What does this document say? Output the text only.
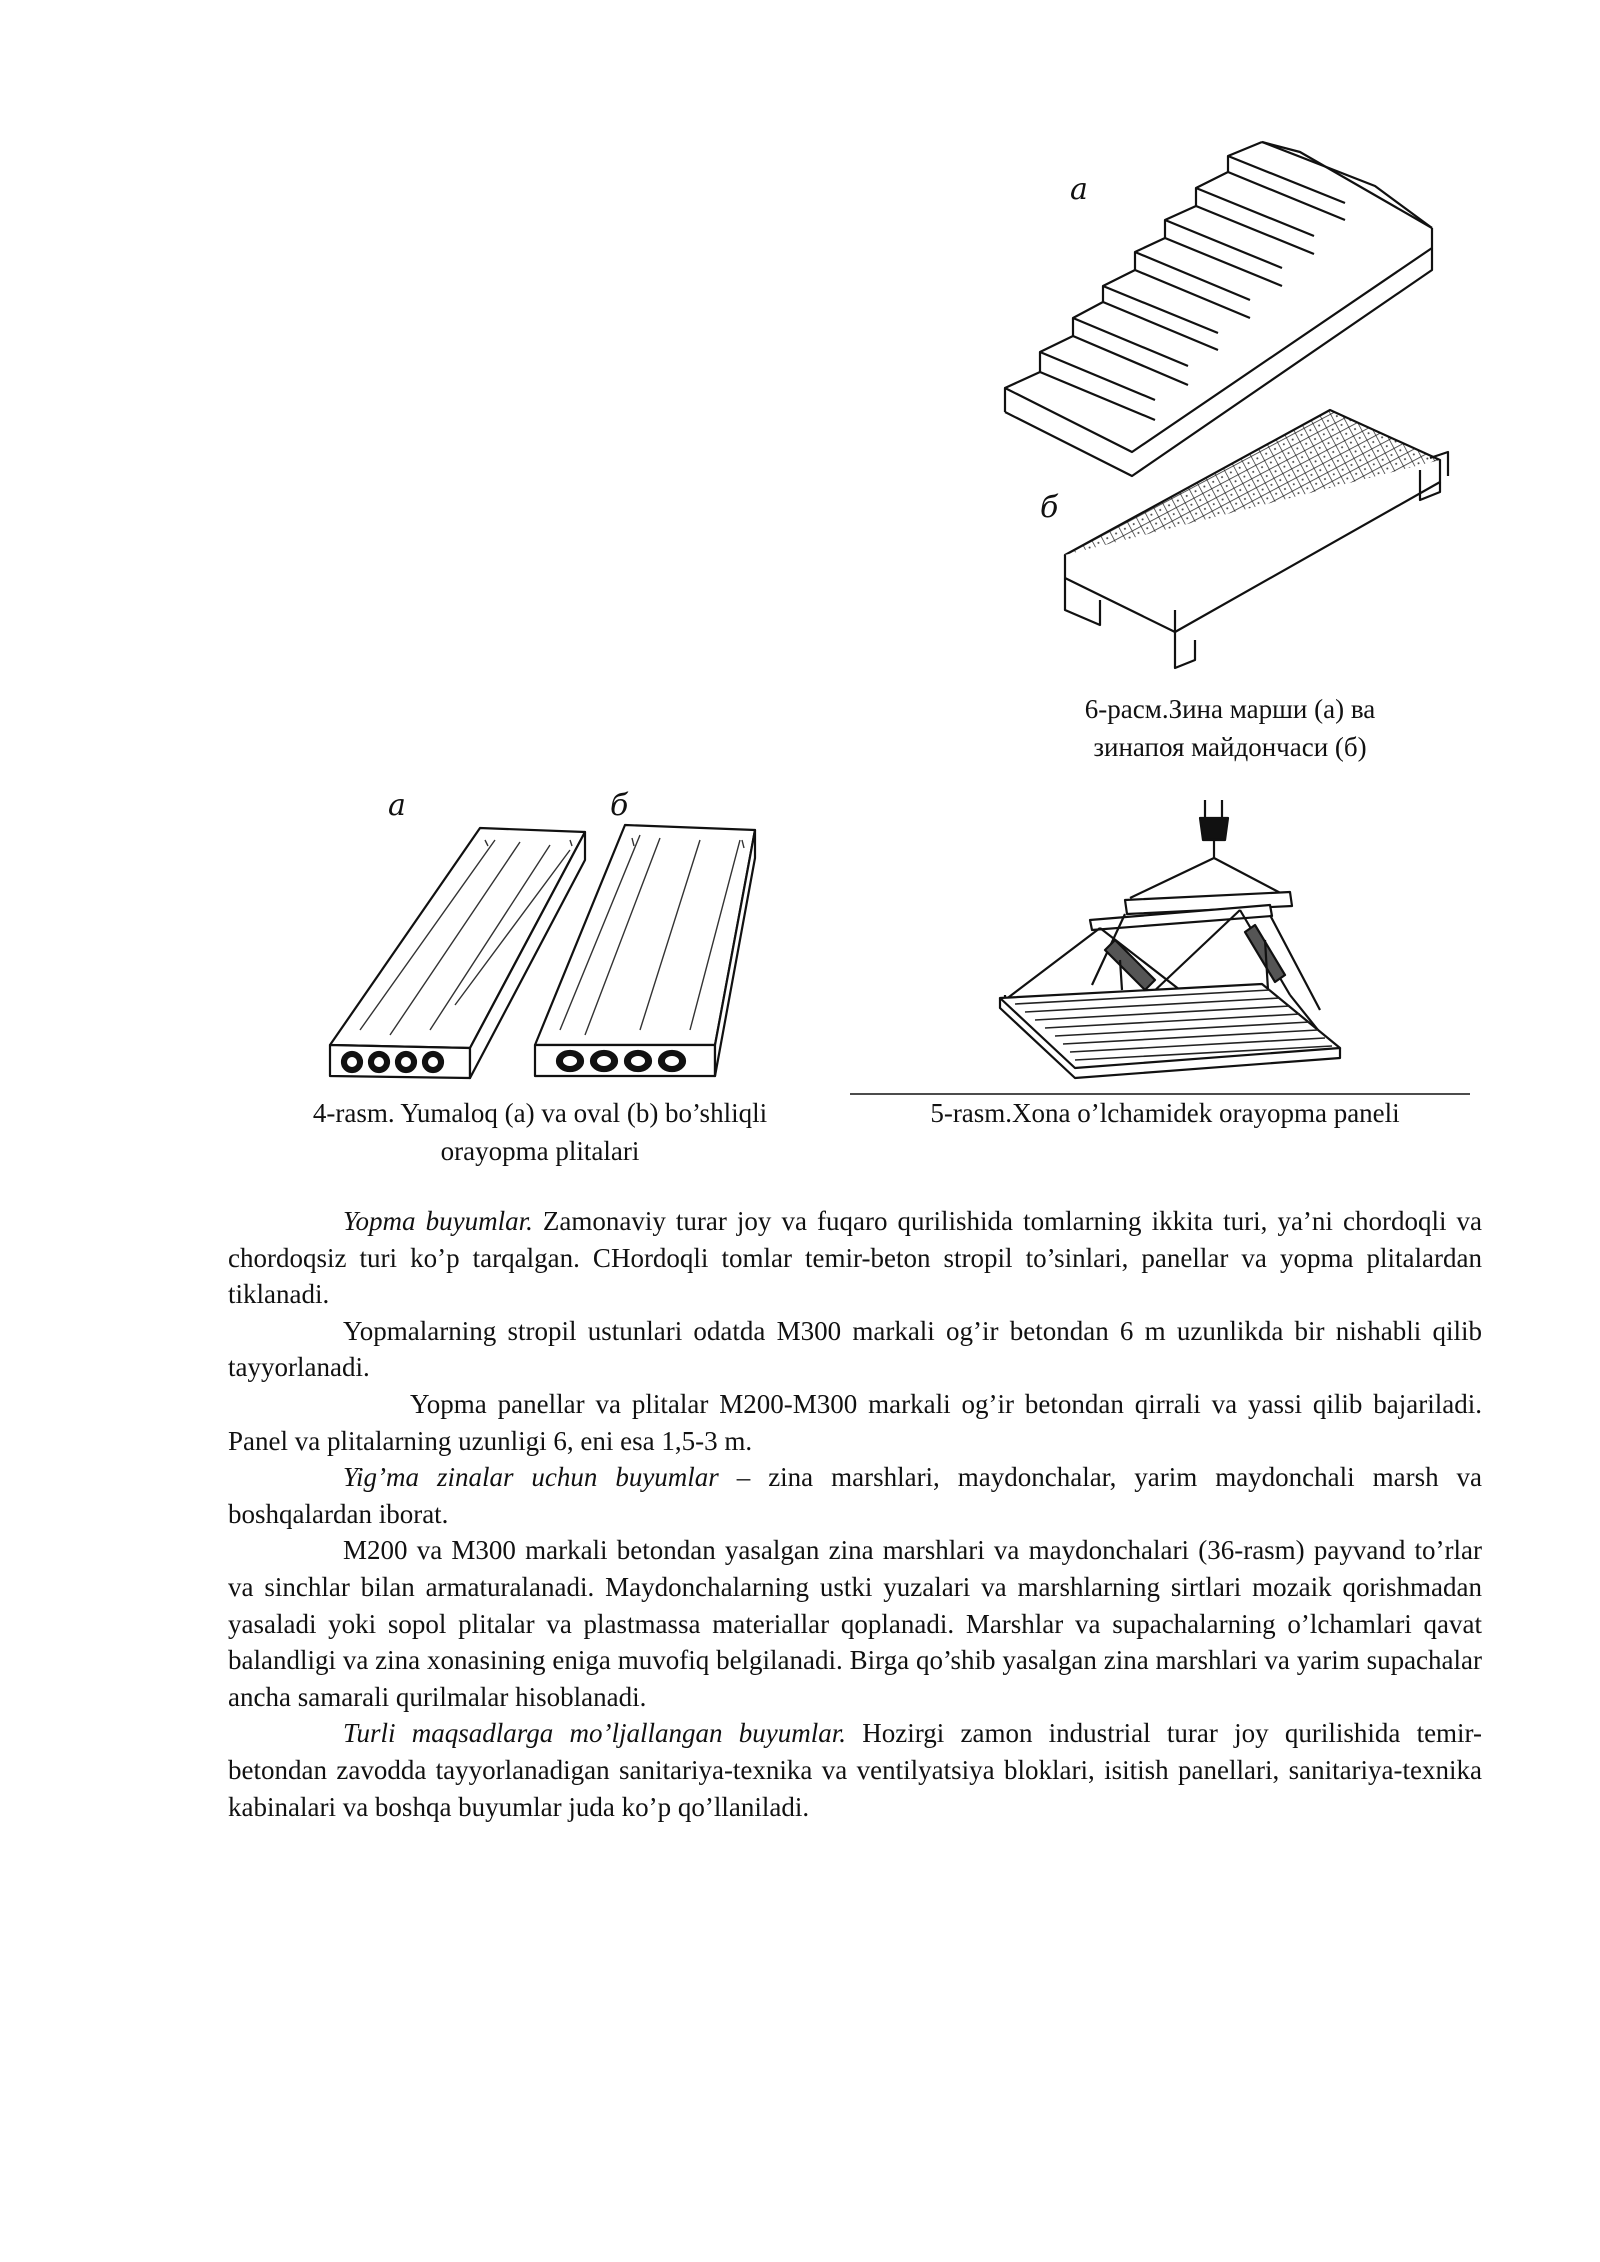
а
б
6-расм.Зина марши (а) ва
зинапоя майдончаси (б)
а	б
4-rasm. Yumaloq (a) va oval (b) bo’shliqli
orayopma plitalari
5-rasm.Xona o’lchamidek orayopma paneli

Yopma buyumlar. Zamonaviy turar joy va fuqaro qurilishida tomlarning ikkita turi, ya’ni chordoqli va chordoqsiz turi ko’p tarqalgan. CHordoqli tomlar temir-beton stropil to’sinlari, panellar va yopma plitalardan tiklanadi.

Yopmalarning stropil ustunlari odatda M300 markali og’ir betondan 6 m uzunlikda bir nishabli qilib tayyorlanadi.

Yopma panellar va plitalar M200-M300 markali og’ir betondan qirrali va yassi qilib bajariladi. Panel va plitalarning uzunligi 6, eni esa 1,5-3 m.

Yig’ma zinalar uchun buyumlar – zina marshlari, maydonchalar, yarim maydonchali marsh va boshqalardan iborat.

M200 va M300 markali betondan yasalgan zina marshlari va maydonchalari (36-rasm) payvand to’rlar va sinchlar bilan armaturalanadi. Maydonchalarning ustki yuzalari va marshlarning sirtlari mozaik qorishmadan yasaladi yoki sopol plitalar va plastmassa materiallar qoplanadi. Marshlar va supachalarning o’lchamlari qavat balandligi va zina xonasining eniga muvofiq belgilanadi. Birga qo’shib yasalgan zina marshlari va yarim supachalar ancha samarali qurilmalar hisoblanadi.

Turli maqsadlarga mo’ljallangan buyumlar. Hozirgi zamon industrial turar joy qurilishida temir-betondan zavodda tayyorlanadigan sanitariya-texnika va ventilyatsiya bloklari, isitish panellari, sanitariya-texnika kabinalari va boshqa buyumlar juda ko’p qo’llaniladi.
